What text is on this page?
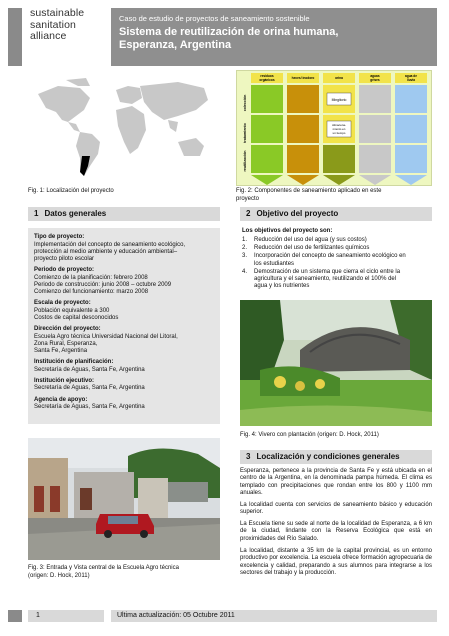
sustainable
sanitation
alliance
Caso de estudio de proyectos de saneamiento sostenible
Sistema de reutilización de orina humana,
Esperanza, Argentina
Fig. 1: Localización del proyecto
residuos
orgánicos	heces/ inodoro	orina	aguas
grises
agua de
lluvia
colección
tratamiento
reutilización
Mingitorio
Almacena-
miento en
un tiempo
Fig. 2: Componentes de saneamiento aplicado en este
proyecto
1 Datos generales
Tipo de proyecto:
Implementación del concepto de saneamiento ecológico,
protección al medio ambiente y educación ambiental–
proyecto piloto escolar
Periodo de proyecto:
Comienzo de la planificación: febrero 2008
Periodo de construcción: junio 2008 – octubre 2009
Comienzo del funcionamiento: marzo 2008
Escala de proyecto:
Población equivalente a 300
Costos de capital desconocidos
Dirección del proyecto:
Escuela Agro técnica Universidad Nacional del Litoral,
Zona Rural, Esperanza,
Santa Fe, Argentina
Institución de planificación:
Secretaría de Aguas, Santa Fe, Argentina
Institución ejecutivo:
Secretaría de Aguas, Santa Fe, Argentina
Agencia de apoyo:
Secretaría de Aguas, Santa Fe, Argentina
2 Objetivo del proyecto
Los objetivos del proyecto son:
1.	Reducción del uso del agua (y sus costos)
2.	Reducción del uso de fertilizantes químicos
3.	Incorporación del concepto de saneamiento ecológico en
los estudiantes
4.	Demostración de un sistema que cierra el ciclo entre la
agricultura y el saneamiento, reutilizando el 100% del
agua y los nutrientes
Fig. 4: Vivero con plantación (origen: D. Hock, 2011)
3 Localización y condiciones generales
Esperanza, pertenece a la provincia de Santa Fe y está ubicada en el centro de la Argentina, en la denominada pampa húmeda. El clima es templado con precipitaciones que rondan entre los 800 y 1100 mm anuales.
La localidad cuenta con servicios de saneamiento básico y educación superior.
La Escuela tiene su sede al norte de la localidad de Esperanza, a 6 km de la ciudad, lindante con la Reserva Ecológica que está en proximidades del Río Salado.
La localidad, distante a 35 km de la capital provincial, es un entorno productivo por excelencia. La escuela ofrece formación agropecuaria de excelencia y calidad, preparando a sus alumnos para integrarse a los sectores del trabajo y la producción.
Fig. 3: Entrada y Vista central de la Escuela Agro técnica
(origen: D. Hock, 2011)
1	Ultima actualización: 05 Octubre 2011
